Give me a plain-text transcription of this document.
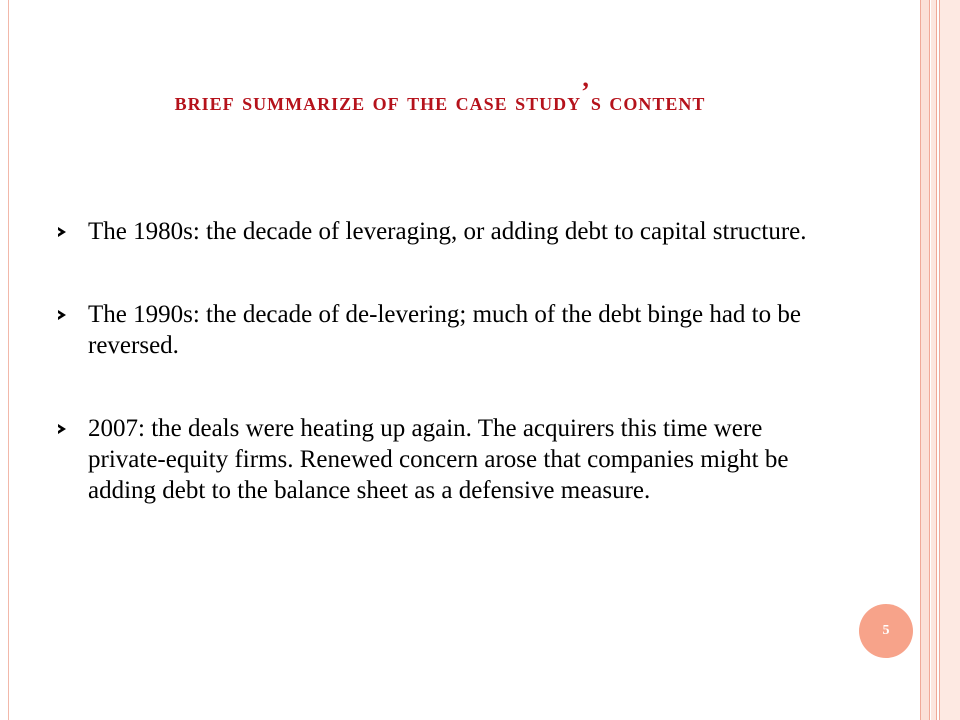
brief summarize of the case study’s content
The 1980s: the decade of leveraging, or adding debt to capital structure.
The 1990s: the decade of de-levering; much of the debt binge had to be reversed.
2007: the deals were heating up again. The acquirers this time were private-equity firms. Renewed concern arose that companies might be adding debt to the balance sheet as a defensive measure.
5
